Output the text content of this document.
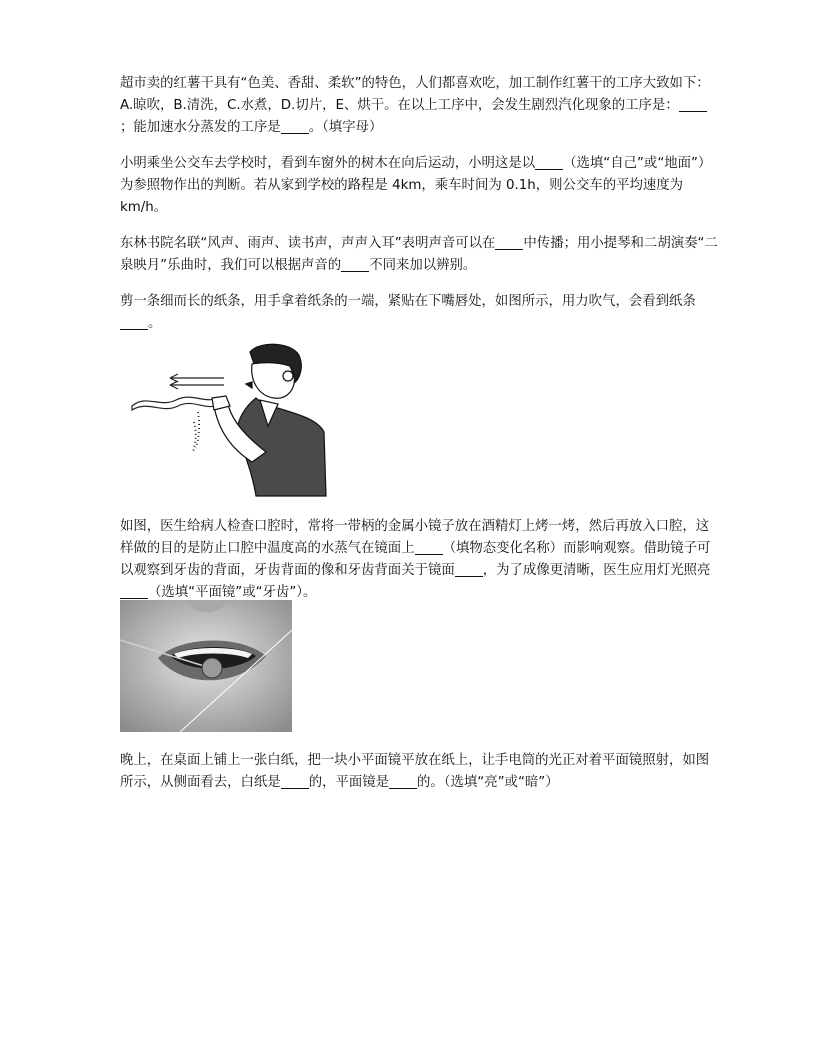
超市卖的红薯干具有“色美、香甜、柔软”的特色，人们都喜欢吃，加工制作红薯干的工序大致如下：A.晾吹，B.清洗，C.水煮，D.切片，E、烘干。在以上工序中，会发生剧烈汽化现象的工序是：；能加速水分蒸发的工序是 。（填字母）

小明乘坐公交车去学校时，看到车窗外的树木在向后运动，小明这是以 （选填“自己”或“地面”）为参照物作出的判断。若从家到学校的路程是 4km，乘车时间为 0.1h，则公交车的平均速度为 km/h。

东林书院名联“风声、雨声、读书声，声声入耳”表明声音可以在 中传播；用小提琴和二胡演奏“二泉映月”乐曲时，我们可以根据声音的 不同来加以辨别。

剪一条细而长的纸条，用手拿着纸条的一端，紧贴在下嘴唇处，如图所示，用力吹气，会看到纸条。

如图，医生给病人检查口腔时，常将一带柄的金属小镜子放在酒精灯上烤一烤，然后再放入口腔，这样做的目的是防止口腔中温度高的水蒸气在镜面上 （填物态变化名称）而影响观察。借助镜子可以观察到牙齿的背面，牙齿背面的像和牙齿背面关于镜面 ，为了成像更清晰，医生应用灯光照亮（选填“平面镜”或“牙齿”）。

晚上，在桌面上铺上一张白纸，把一块小平面镜平放在纸上，让手电筒的光正对着平面镜照射，如图所示，从侧面看去，白纸是 的，平面镜是 的。（选填“亮”或“暗”）
